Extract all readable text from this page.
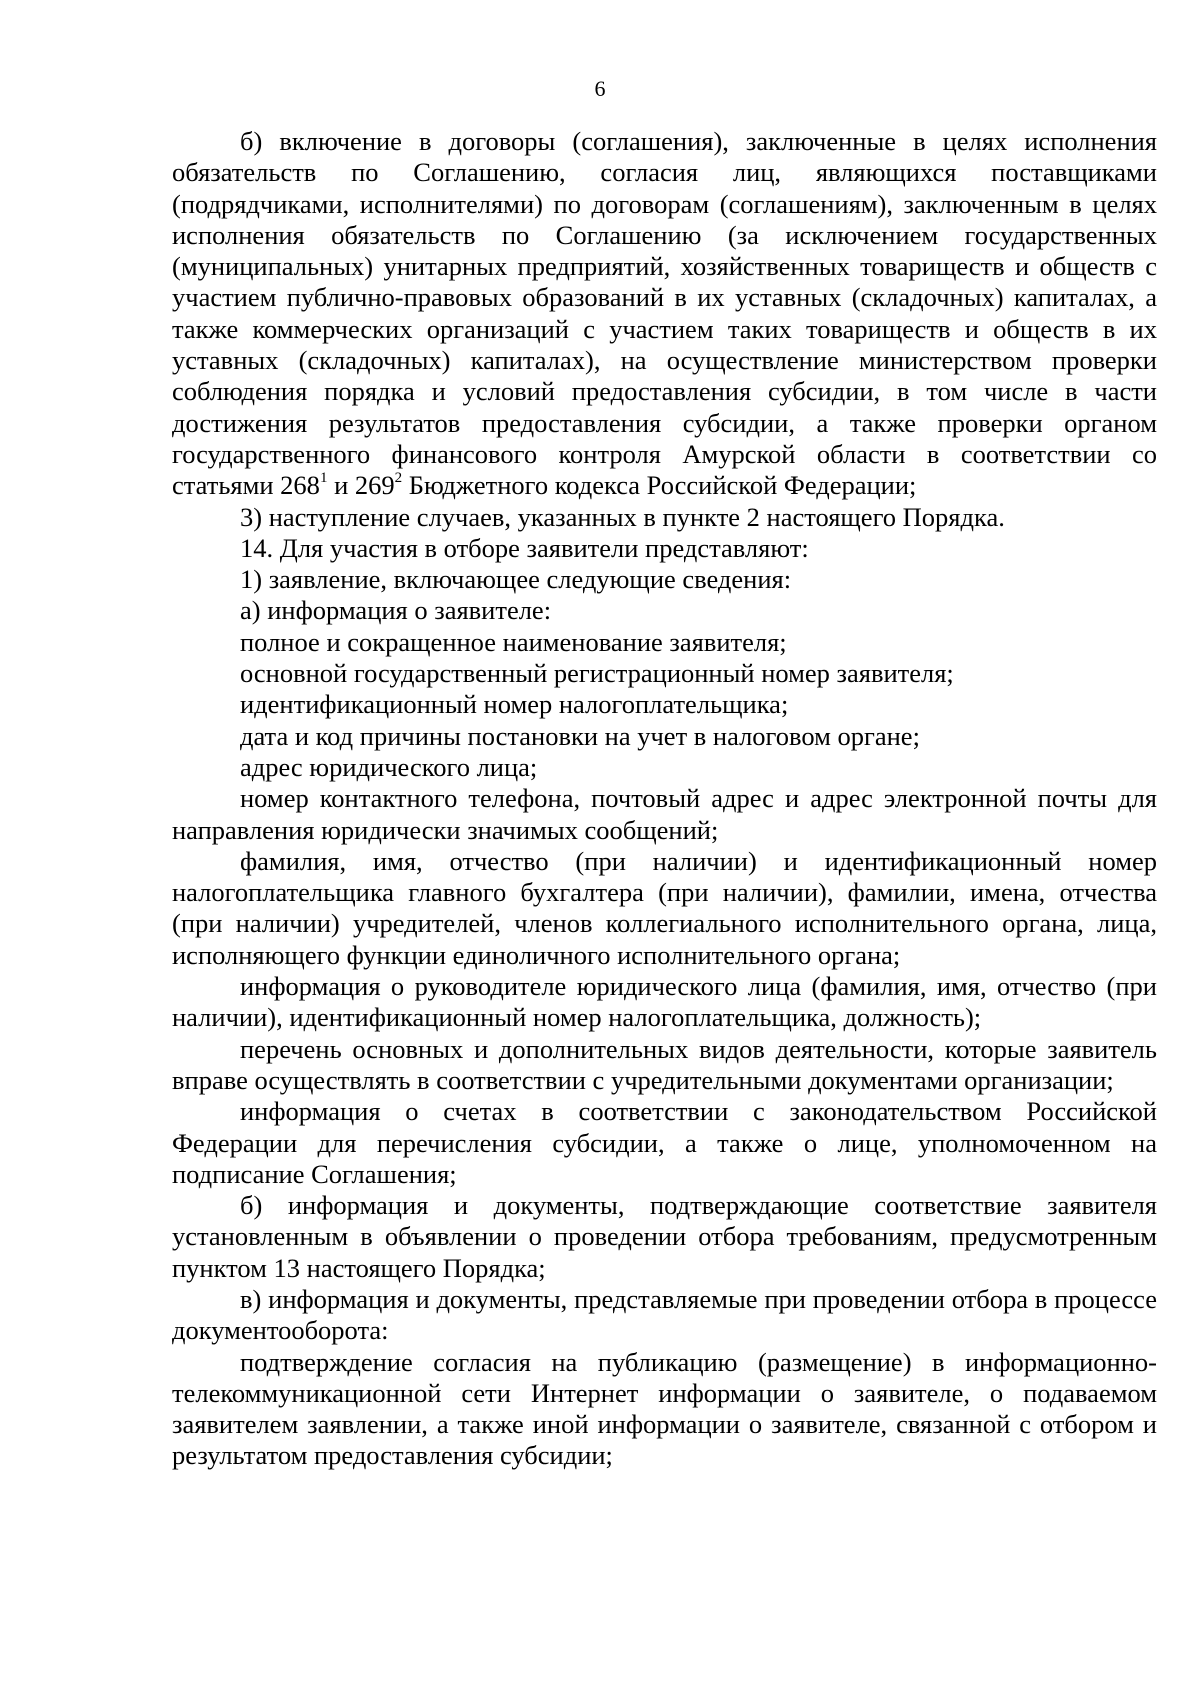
6

б) включение в договоры (соглашения), заключенные в целях исполнения обязательств по Соглашению, согласия лиц, являющихся поставщиками (подрядчиками, исполнителями) по договорам (соглашениям), заключенным в целях исполнения обязательств по Соглашению (за исключением государственных (муниципальных) унитарных предприятий, хозяйственных товариществ и обществ с участием публично-правовых образований в их уставных (складочных) капиталах, а также коммерческих организаций с участием таких товариществ и обществ в их уставных (складочных) капиталах), на осуществление министерством проверки соблюдения порядка и условий предоставления субсидии, в том числе в части достижения результатов предоставления субсидии, а также проверки органом государственного финансового контроля Амурской области в соответствии со статьями $268^1$ и $269^2$ Бюджетного кодекса Российской Федерации;

3) наступление случаев, указанных в пункте 2 настоящего Порядка.

14. Для участия в отборе заявители представляют:

1) заявление, включающее следующие сведения:

а) информация о заявителе:

полное и сокращенное наименование заявителя;

основной государственный регистрационный номер заявителя;

идентификационный номер налогоплательщика;

дата и код причины постановки на учет в налоговом органе;

адрес юридического лица;

номер контактного телефона, почтовый адрес и адрес электронной почты для направления юридически значимых сообщений;

фамилия, имя, отчество (при наличии) и идентификационный номер налогоплательщика главного бухгалтера (при наличии), фамилии, имена, отчества (при наличии) учредителей, членов коллегиального исполнительного органа, лица, исполняющего функции единоличного исполнительного органа;

информация о руководителе юридического лица (фамилия, имя, отчество (при наличии), идентификационный номер налогоплательщика, должность);

перечень основных и дополнительных видов деятельности, которые заявитель вправе осуществлять в соответствии с учредительными документами организации;

информация о счетах в соответствии с законодательством Российской Федерации для перечисления субсидии, а также о лице, уполномоченном на подписание Соглашения;

б) информация и документы, подтверждающие соответствие заявителя установленным в объявлении о проведении отбора требованиям, предусмотренным пунктом 13 настоящего Порядка;

в) информация и документы, представляемые при проведении отбора в процессе документооборота:

подтверждение согласия на публикацию (размещение) в информационно-телекоммуникационной сети Интернет информации о заявителе, о подаваемом заявителем заявлении, а также иной информации о заявителе, связанной с отбором и результатом предоставления субсидии;
